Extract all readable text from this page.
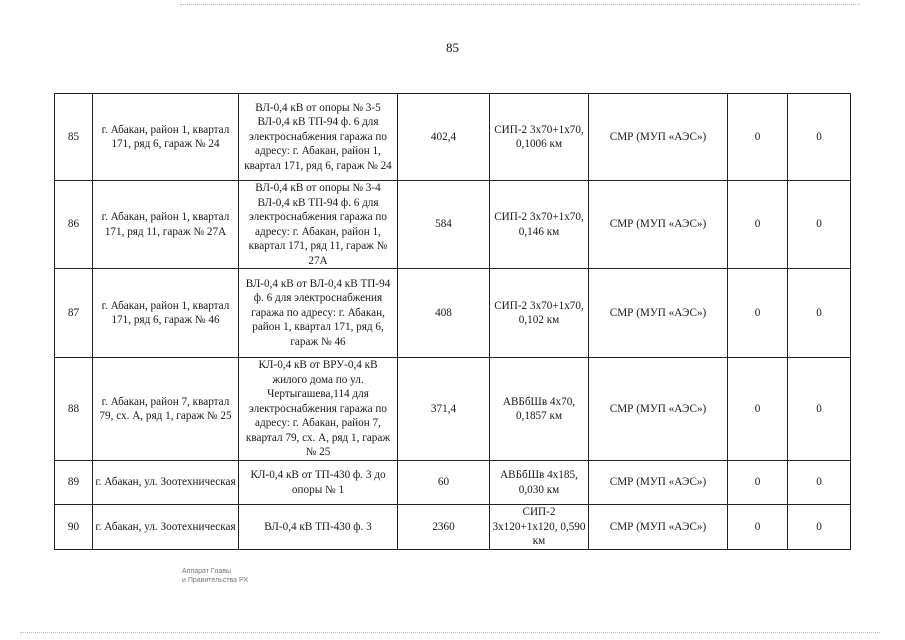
85
85	г. Абакан, район 1, квартал 171, ряд 6, гараж № 24	ВЛ-0,4 кВ от опоры № 3-5 ВЛ-0,4 кВ ТП-94 ф. 6 для электроснабжения гаража по адресу: г. Абакан, район 1, квартал 171, ряд 6, гараж № 24	402,4	СИП-2 3х70+1х70, 0,1006 км	СМР (МУП «АЭС»)	0	0
86	г. Абакан, район 1, квартал 171, ряд 11, гараж № 27А	ВЛ-0,4 кВ от опоры № 3-4 ВЛ-0,4 кВ ТП-94 ф. 6 для электроснабжения гаража по адресу: г. Абакан, район 1, квартал 171, ряд 11, гараж № 27А	584	СИП-2 3х70+1х70, 0,146 км	СМР (МУП «АЭС»)	0	0
87	г. Абакан, район 1, квартал 171, ряд 6, гараж № 46	ВЛ-0,4 кВ от ВЛ-0,4 кВ ТП-94 ф. 6 для электроснабжения гаража по адресу: г. Абакан, район 1, квартал 171, ряд 6, гараж № 46	408	СИП-2 3х70+1х70, 0,102 км	СМР (МУП «АЭС»)	0	0
88	г. Абакан, район 7, квартал 79, сх. А, ряд 1, гараж № 25	КЛ-0,4 кВ от ВРУ-0,4 кВ жилого дома по ул. Чертыгашева,114 для электроснабжения гаража по адресу: г. Абакан, район 7, квартал 79, сх. А, ряд 1, гараж № 25	371,4	АВБбШв 4х70, 0,1857 км	СМР (МУП «АЭС»)	0	0
89	г. Абакан, ул. Зоотехническая	КЛ-0,4 кВ от ТП-430 ф. 3 до опоры № 1	60	АВБбШв 4х185, 0,030 км	СМР (МУП «АЭС»)	0	0
90	г. Абакан, ул. Зоотехническая	ВЛ-0,4 кВ ТП-430 ф. 3	2360	СИП-2 3х120+1х120, 0,590 км	СМР (МУП «АЭС»)	0	0
Аппарат Главы
и Правительства РХ
